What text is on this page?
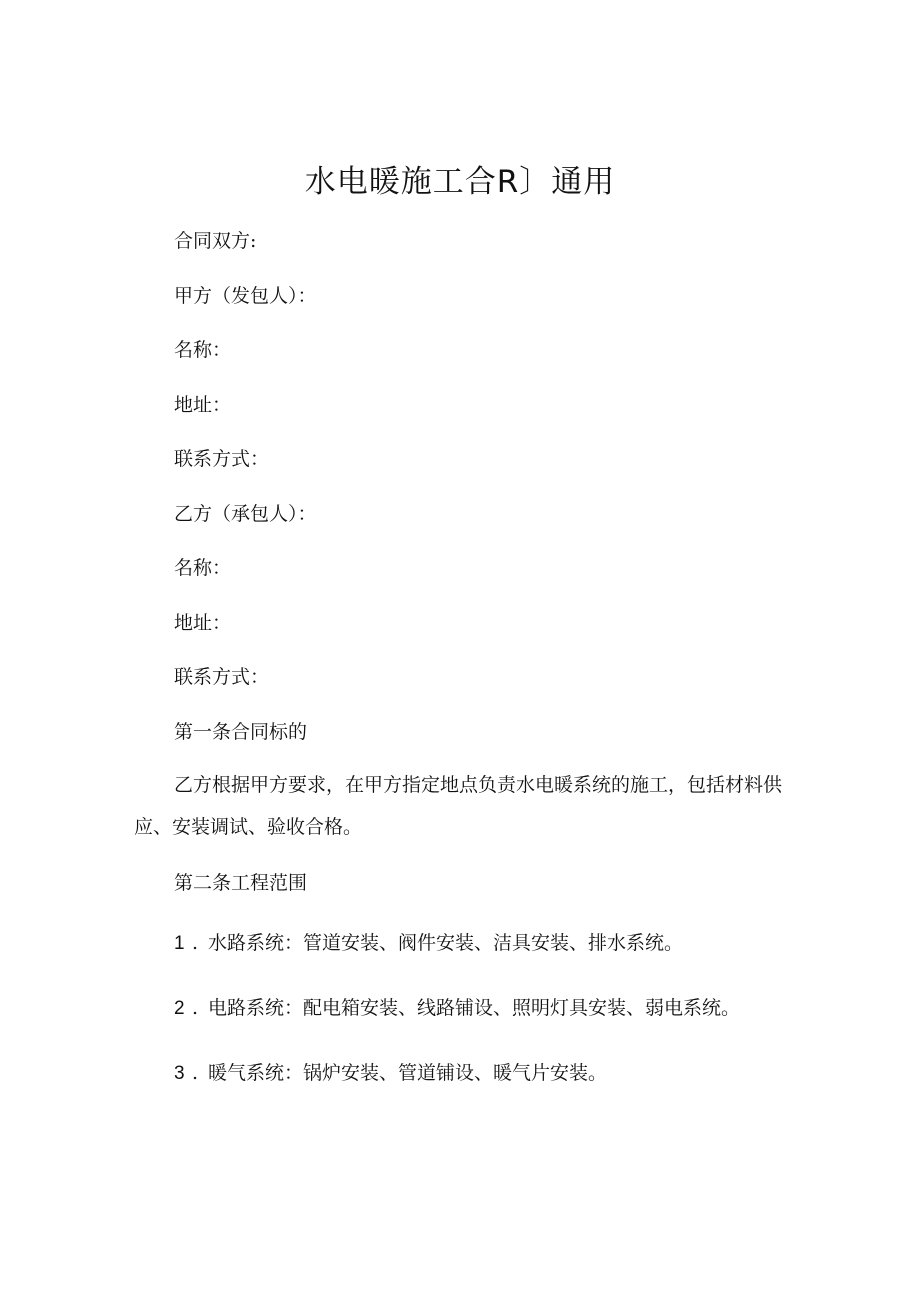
水电暖施工合R〕通用

合同双方:

甲方（发包人）：

名称：

地址：

联系方式：

乙方（承包人）：

名称：

地址：

联系方式：

第一条合同标的

乙方根据甲方要求，在甲方指定地点负责水电暖系统的施工，包括材料供应、安装调试、验收合格。

第二条工程范围

1 . 水路系统：管道安装、阀件安装、洁具安装、排水系统。

2 . 电路系统：配电箱安装、线路铺设、照明灯具安装、弱电系统。

3 . 暖气系统：锅炉安装、管道铺设、暖气片安装。
